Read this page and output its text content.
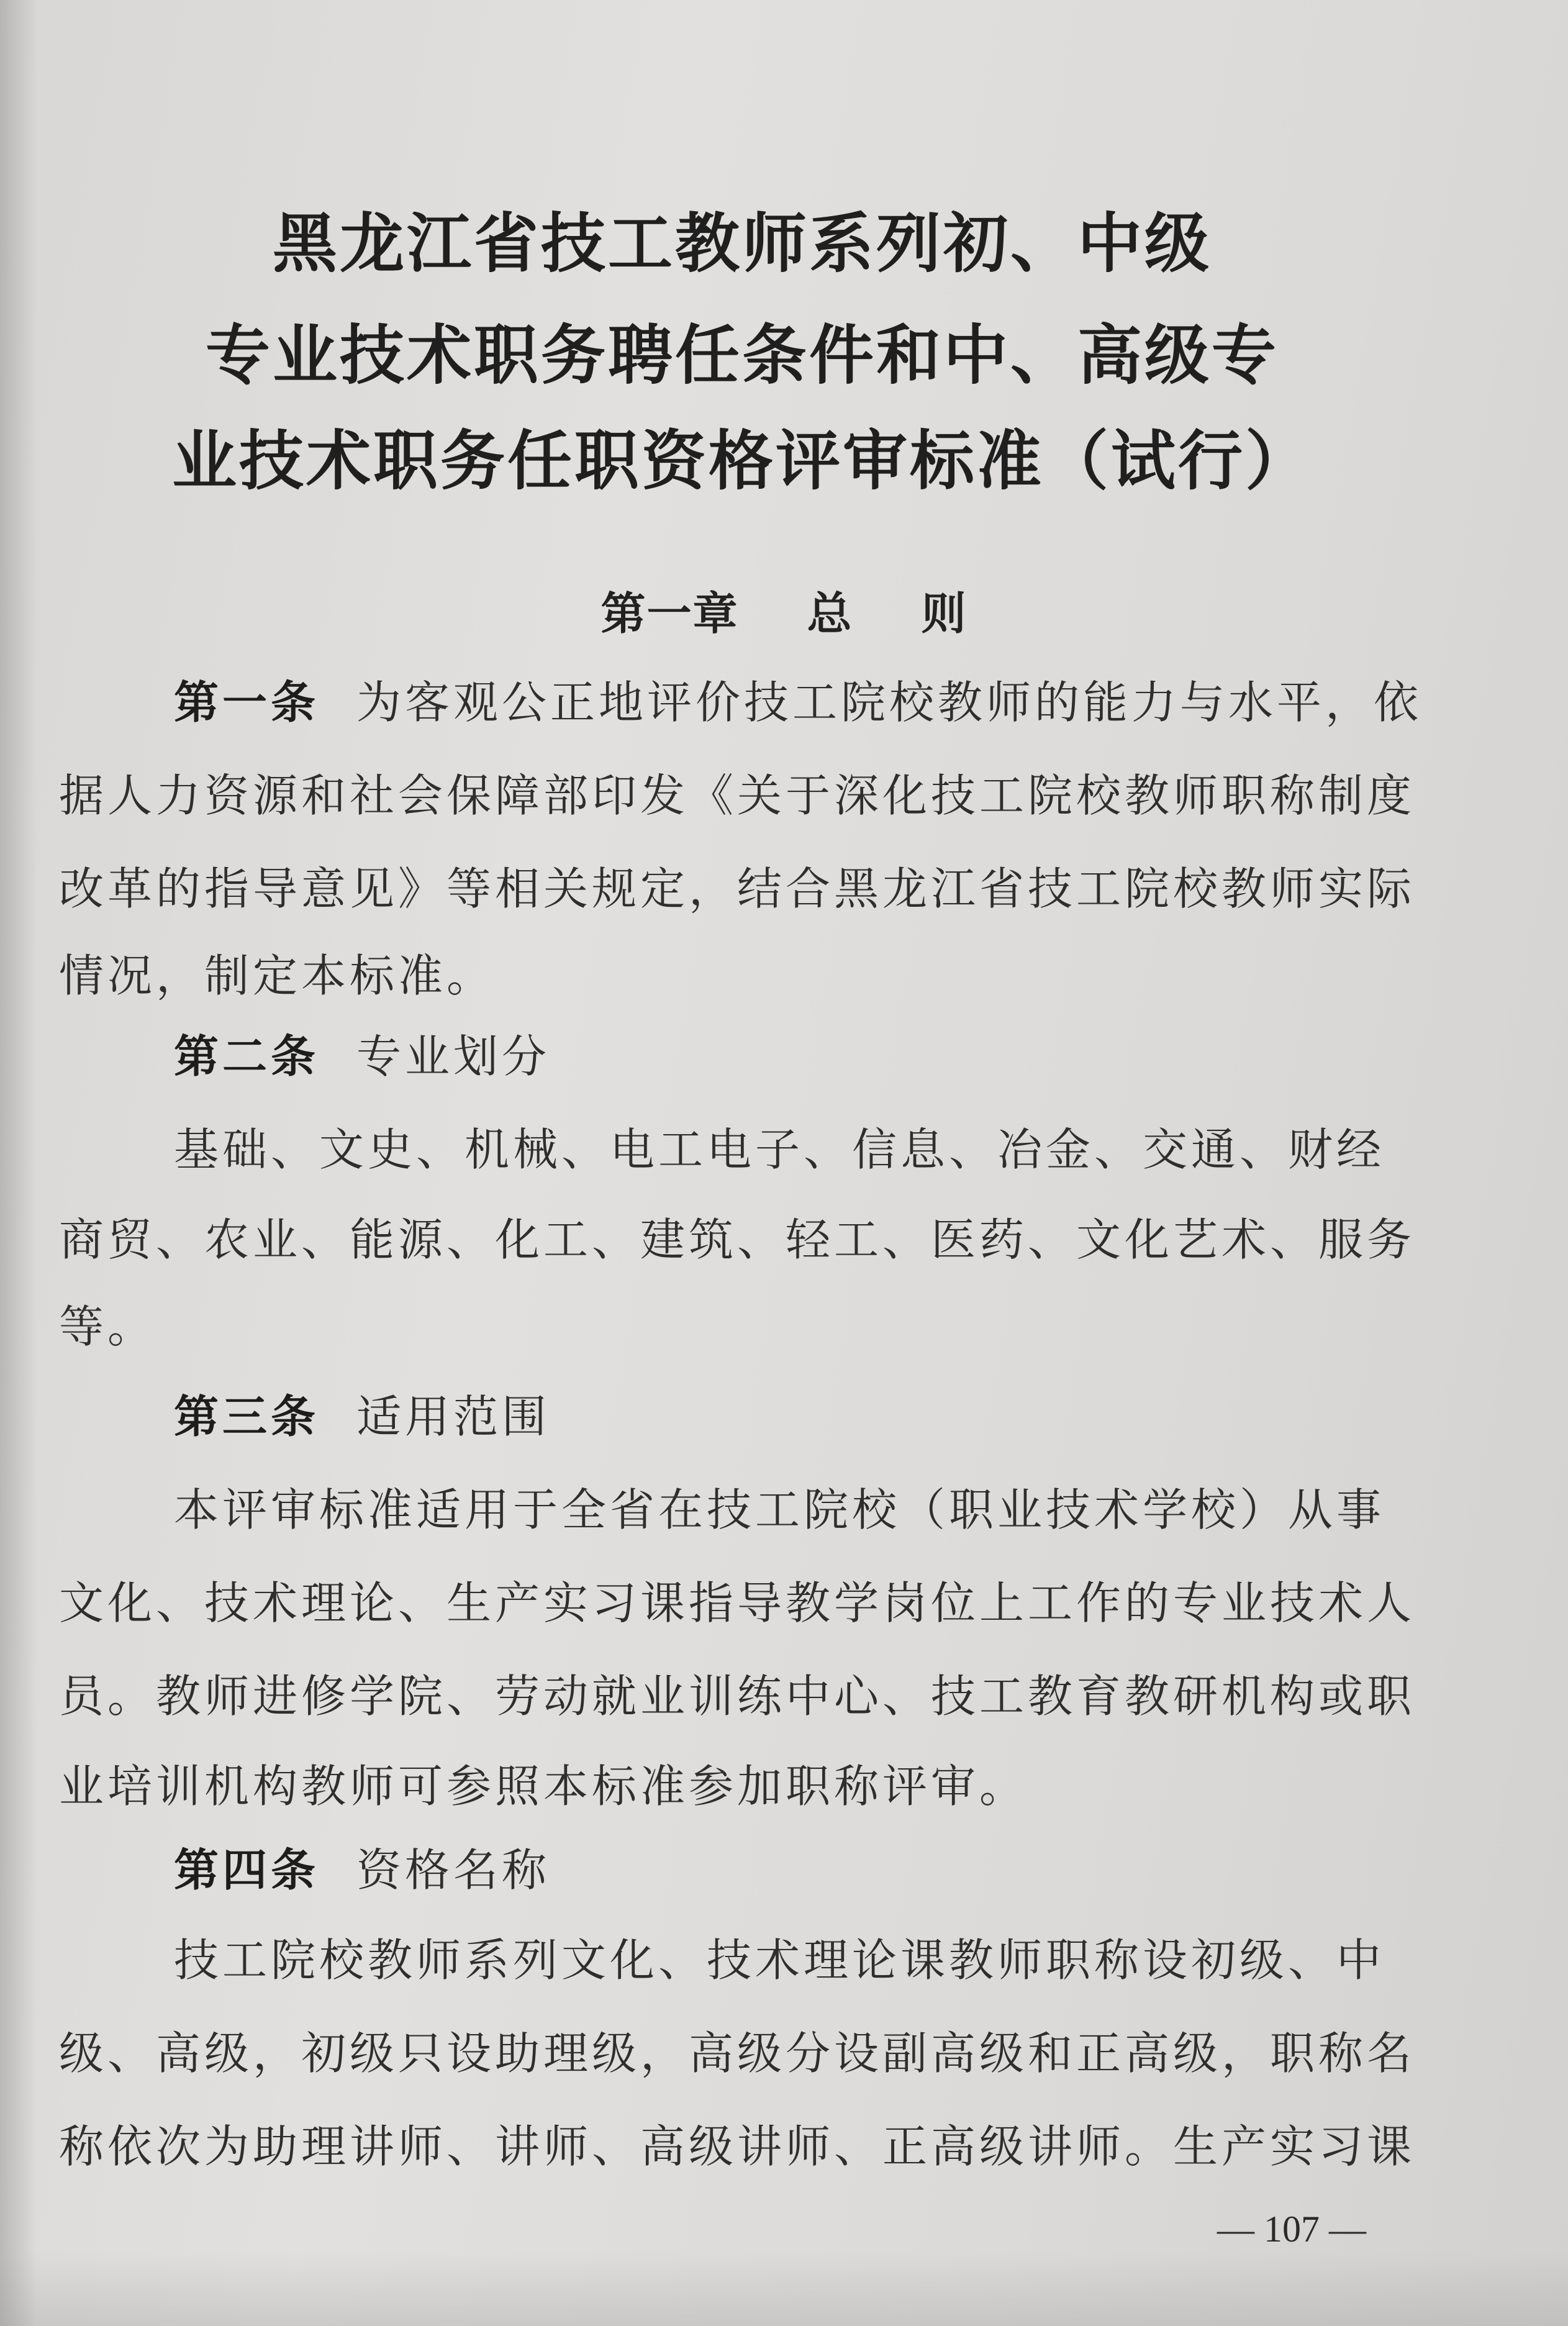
黑龙江省技工教师系列初、中级
专业技术职务聘任条件和中、高级专
业技术职务任职资格评审标准（试行）
第一章 总 则
第一条 为客观公正地评价技工院校教师的能力与水平，依
据人力资源和社会保障部印发《关于深化技工院校教师职称制度
改革的指导意见》等相关规定，结合黑龙江省技工院校教师实际
情况，制定本标准。
第二条 专业划分
基础、文史、机械、电工电子、信息、冶金、交通、财经
商贸、农业、能源、化工、建筑、轻工、医药、文化艺术、服务
等。
第三条 适用范围
本评审标准适用于全省在技工院校（职业技术学校）从事
文化、技术理论、生产实习课指导教学岗位上工作的专业技术人
员。教师进修学院、劳动就业训练中心、技工教育教研机构或职
业培训机构教师可参照本标准参加职称评审。
第四条 资格名称
技工院校教师系列文化、技术理论课教师职称设初级、中
级、高级，初级只设助理级，高级分设副高级和正高级，职称名
称依次为助理讲师、讲师、高级讲师、正高级讲师。生产实习课
— 107 —
